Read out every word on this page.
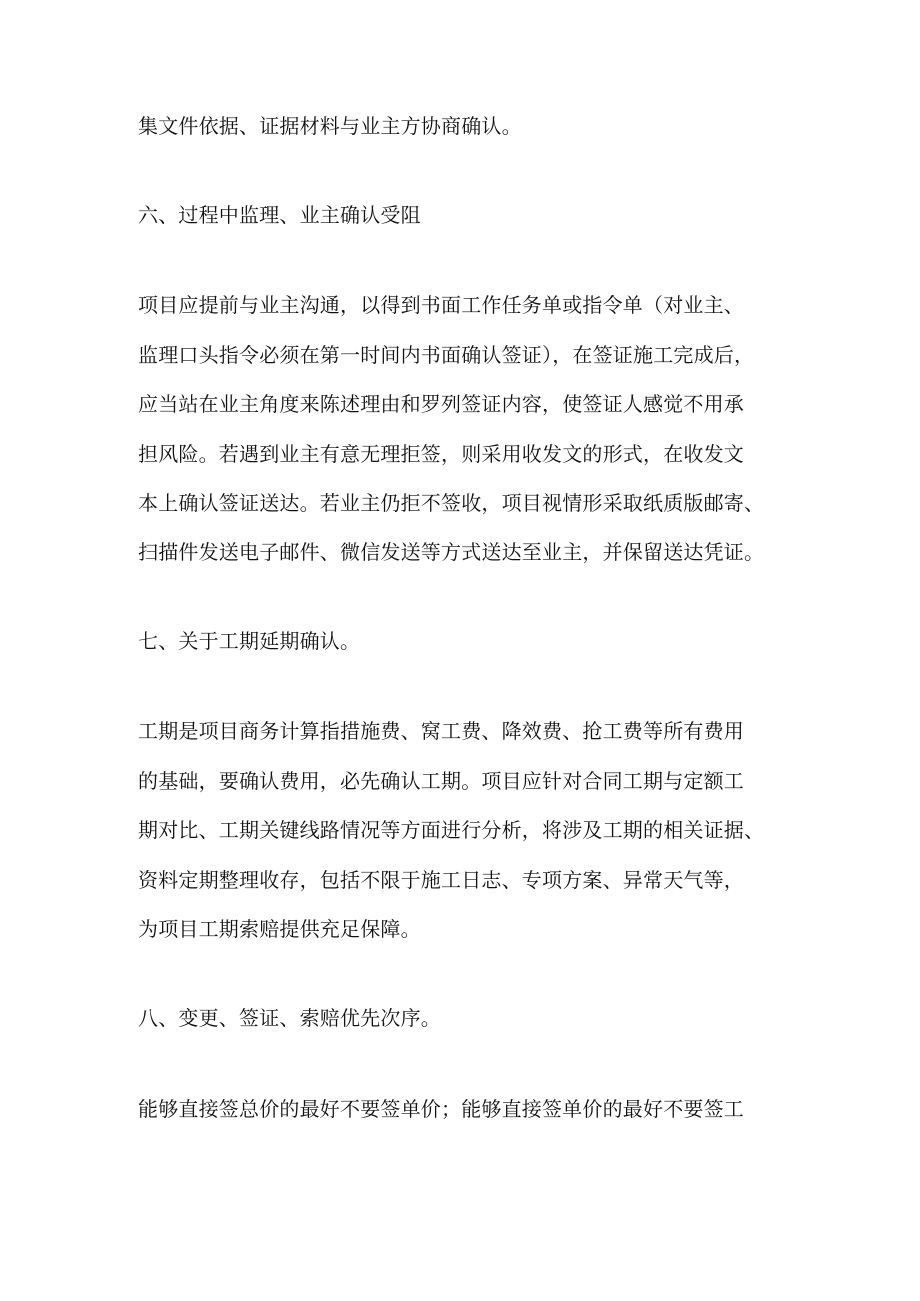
集文件依据、证据材料与业主方协商确认。
六、过程中监理、业主确认受阻
项目应提前与业主沟通，以得到书面工作任务单或指令单（对业主、
监理口头指令必须在第一时间内书面确认签证），在签证施工完成后，
应当站在业主角度来陈述理由和罗列签证内容，使签证人感觉不用承
担风险。若遇到业主有意无理拒签，则采用收发文的形式，在收发文
本上确认签证送达。若业主仍拒不签收，项目视情形采取纸质版邮寄、
扫描件发送电子邮件、微信发送等方式送达至业主，并保留送达凭证。
七、关于工期延期确认。
工期是项目商务计算指措施费、窝工费、降效费、抢工费等所有费用
的基础，要确认费用，必先确认工期。项目应针对合同工期与定额工
期对比、工期关键线路情况等方面进行分析，将涉及工期的相关证据、
资料定期整理收存，包括不限于施工日志、专项方案、异常天气等，
为项目工期索赔提供充足保障。
八、变更、签证、索赔优先次序。
能够直接签总价的最好不要签单价；能够直接签单价的最好不要签工
